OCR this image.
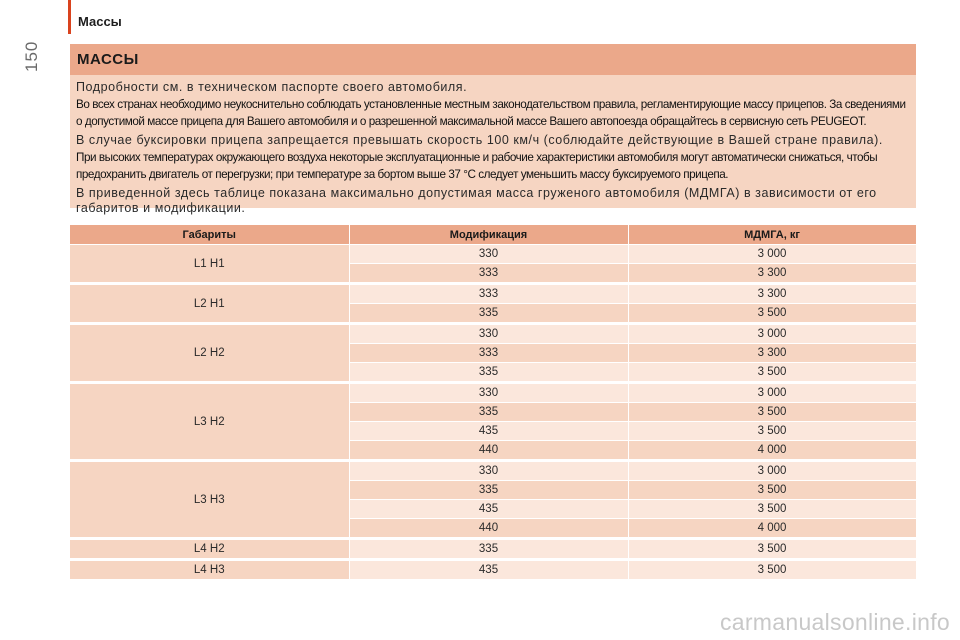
150
Массы
МАССЫ

Подробности см. в техническом паспорте своего автомобиля.

Во всех странах необходимо неукоснительно соблюдать установленные местным законодательством правила, регламентирующие массу прицепов. За сведениями о допустимой массе прицепа для Вашего автомобиля и о разрешенной максимальной массе Вашего автопоезда обращайтесь в сервисную сеть PEUGEOT.

В случае буксировки прицепа запрещается превышать скорость 100 км/ч (соблюдайте действующие в Вашей стране правила).

При высоких температурах окружающего воздуха некоторые эксплуатационные и рабочие характеристики автомобиля могут автоматически снижаться, чтобы предохранить двигатель от перегрузки; при температуре за бортом выше 37 °C следует уменьшить массу буксируемого прицепа.

В приведенной здесь таблице показана максимально допустимая масса груженого автомобиля (МДМГА) в зависимости от его габаритов и модификации.

Габариты	Модификация	МДМГА, кг
L1 H1	330	3 000
	333	3 300
L2 H1	333	3 300
	335	3 500
L2 H2	330	3 000
	333	3 300
	335	3 500
L3 H2	330	3 000
	335	3 500
	435	3 500
	440	4 000
L3 H3	330	3 000
	335	3 500
	435	3 500
	440	4 000
L4 H2	335	3 500
L4 H3	435	3 500
carmanualsonline.info
